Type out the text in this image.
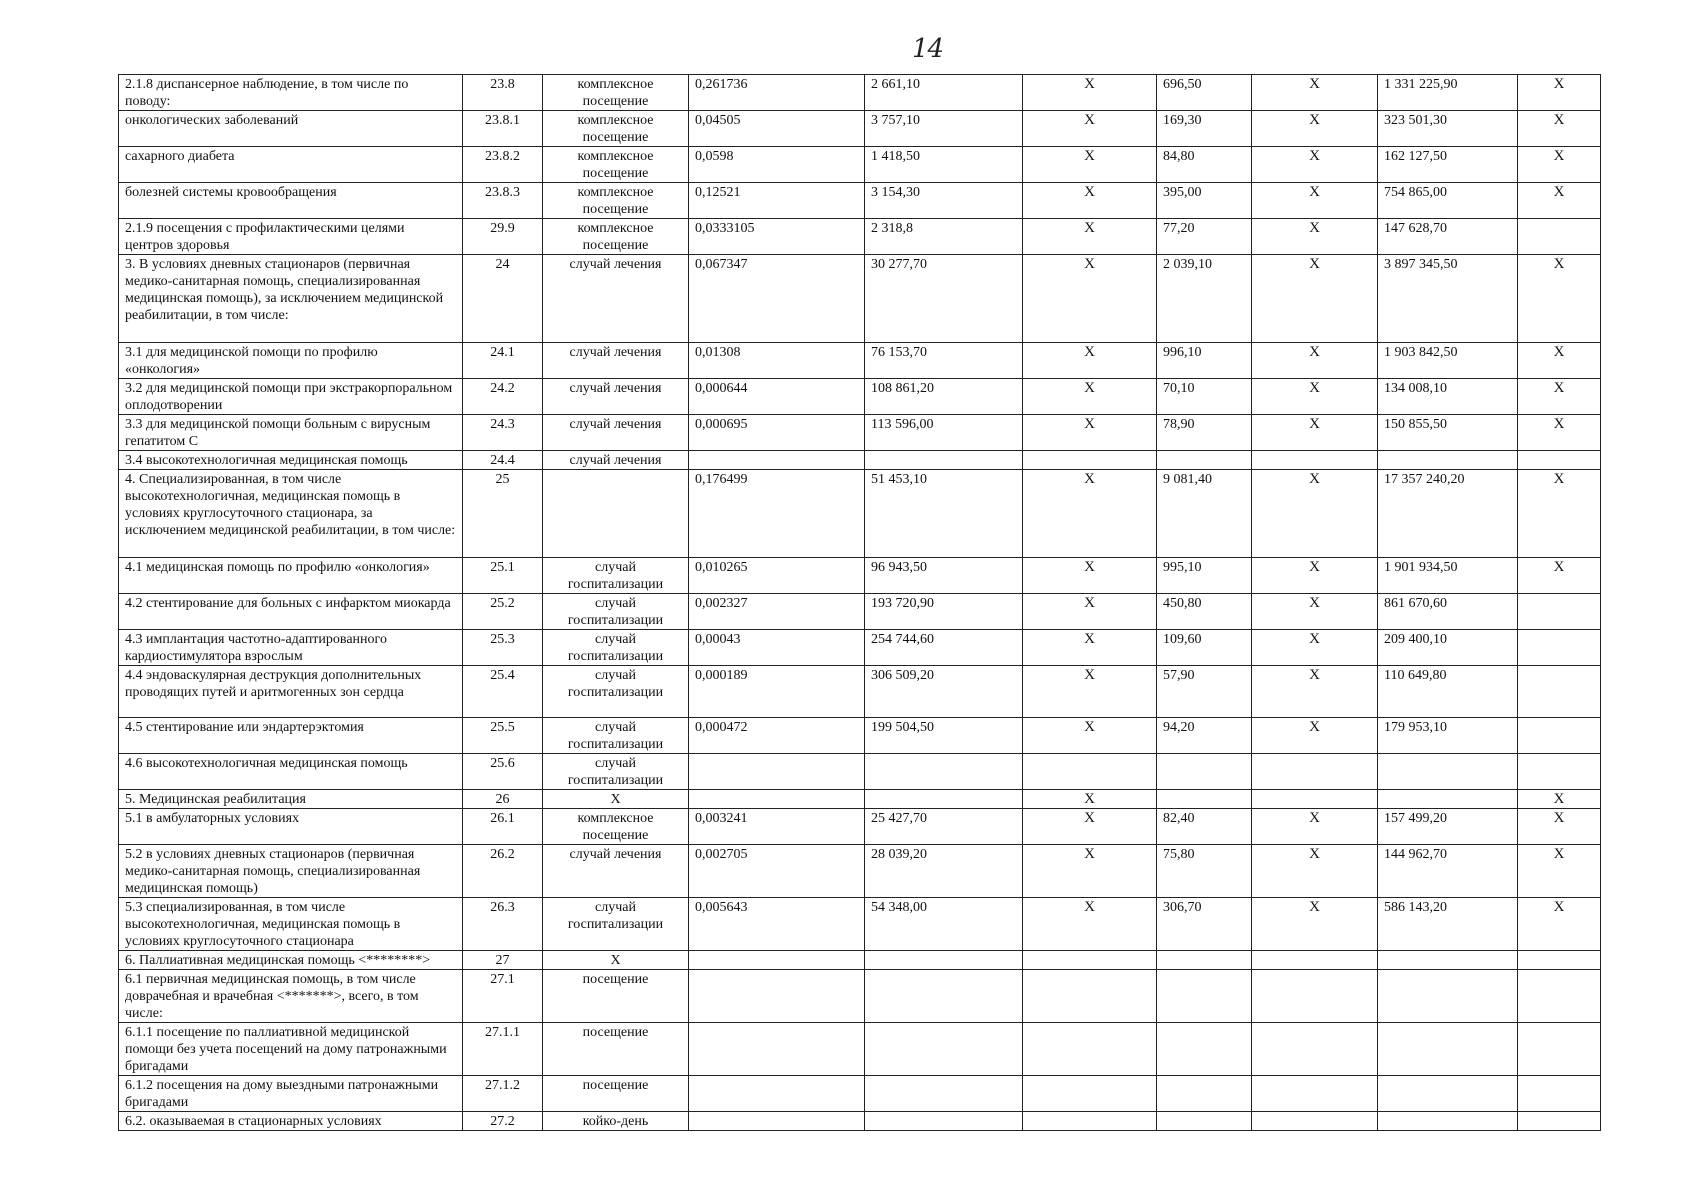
14
2.1.8 диспансерное наблюдение, в том числе по поводу:	23.8	комплексное посещение	0,261736	2 661,10	X	696,50	X	1 331 225,90	X
онкологических заболеваний	23.8.1	комплексное посещение	0,04505	3 757,10	X	169,30	X	323 501,30	X
сахарного диабета	23.8.2	комплексное посещение	0,0598	1 418,50	X	84,80	X	162 127,50	X
болезней системы кровообращения	23.8.3	комплексное посещение	0,12521	3 154,30	X	395,00	X	754 865,00	X
2.1.9 посещения с профилактическими целями центров здоровья	29.9	комплексное посещение	0,0333105	2 318,8	X	77,20	X	147 628,70	
3. В условиях дневных стационаров (первичная медико-санитарная помощь, специализированная медицинская помощь), за исключением медицинской реабилитации, в том числе:	24	случай лечения	0,067347	30 277,70	X	2 039,10	X	3 897 345,50	X
3.1 для медицинской помощи по профилю «онкология»	24.1	случай лечения	0,01308	76 153,70	X	996,10	X	1 903 842,50	X
3.2 для медицинской помощи при экстракорпоральном оплодотворении	24.2	случай лечения	0,000644	108 861,20	X	70,10	X	134 008,10	X
3.3 для медицинской помощи больным с вирусным гепатитом С	24.3	случай лечения	0,000695	113 596,00	X	78,90	X	150 855,50	X
3.4 высокотехнологичная медицинская помощь	24.4	случай лечения							
4. Специализированная, в том числе высокотехнологичная, медицинская помощь в условиях круглосуточного стационара, за исключением медицинской реабилитации, в том числе:	25		0,176499	51 453,10	X	9 081,40	X	17 357 240,20	X
4.1 медицинская помощь по профилю «онкология»	25.1	случай госпитализации	0,010265	96 943,50	X	995,10	X	1 901 934,50	X
4.2 стентирование для больных с инфарктом миокарда	25.2	случай госпитализации	0,002327	193 720,90	X	450,80	X	861 670,60	
4.3 имплантация частотно-адаптированного кардиостимулятора взрослым	25.3	случай госпитализации	0,00043	254 744,60	X	109,60	X	209 400,10	
4.4 эндоваскулярная деструкция дополнительных проводящих путей и аритмогенных зон сердца	25.4	случай госпитализации	0,000189	306 509,20	X	57,90	X	110 649,80	
4.5 стентирование или эндартерэктомия	25.5	случай госпитализации	0,000472	199 504,50	X	94,20	X	179 953,10	
4.6 высокотехнологичная медицинская помощь	25.6	случай госпитализации							
5. Медицинская реабилитация	26	X			X				X
5.1 в амбулаторных условиях	26.1	комплексное посещение	0,003241	25 427,70	X	82,40	X	157 499,20	X
5.2 в условиях дневных стационаров (первичная медико-санитарная помощь, специализированная медицинская помощь)	26.2	случай лечения	0,002705	28 039,20	X	75,80	X	144 962,70	X
5.3 специализированная, в том числе высокотехнологичная, медицинская помощь в условиях круглосуточного стационара	26.3	случай госпитализации	0,005643	54 348,00	X	306,70	X	586 143,20	X
6. Паллиативная медицинская помощь <********>	27	X							
6.1 первичная медицинская помощь, в том числе доврачебная и врачебная <*******>, всего, в том числе:	27.1	посещение							
6.1.1 посещение по паллиативной медицинской помощи без учета посещений на дому патронажными бригадами	27.1.1	посещение							
6.1.2 посещения на дому выездными патронажными бригадами	27.1.2	посещение							
6.2. оказываемая в стационарных условиях	27.2	койко-день							
